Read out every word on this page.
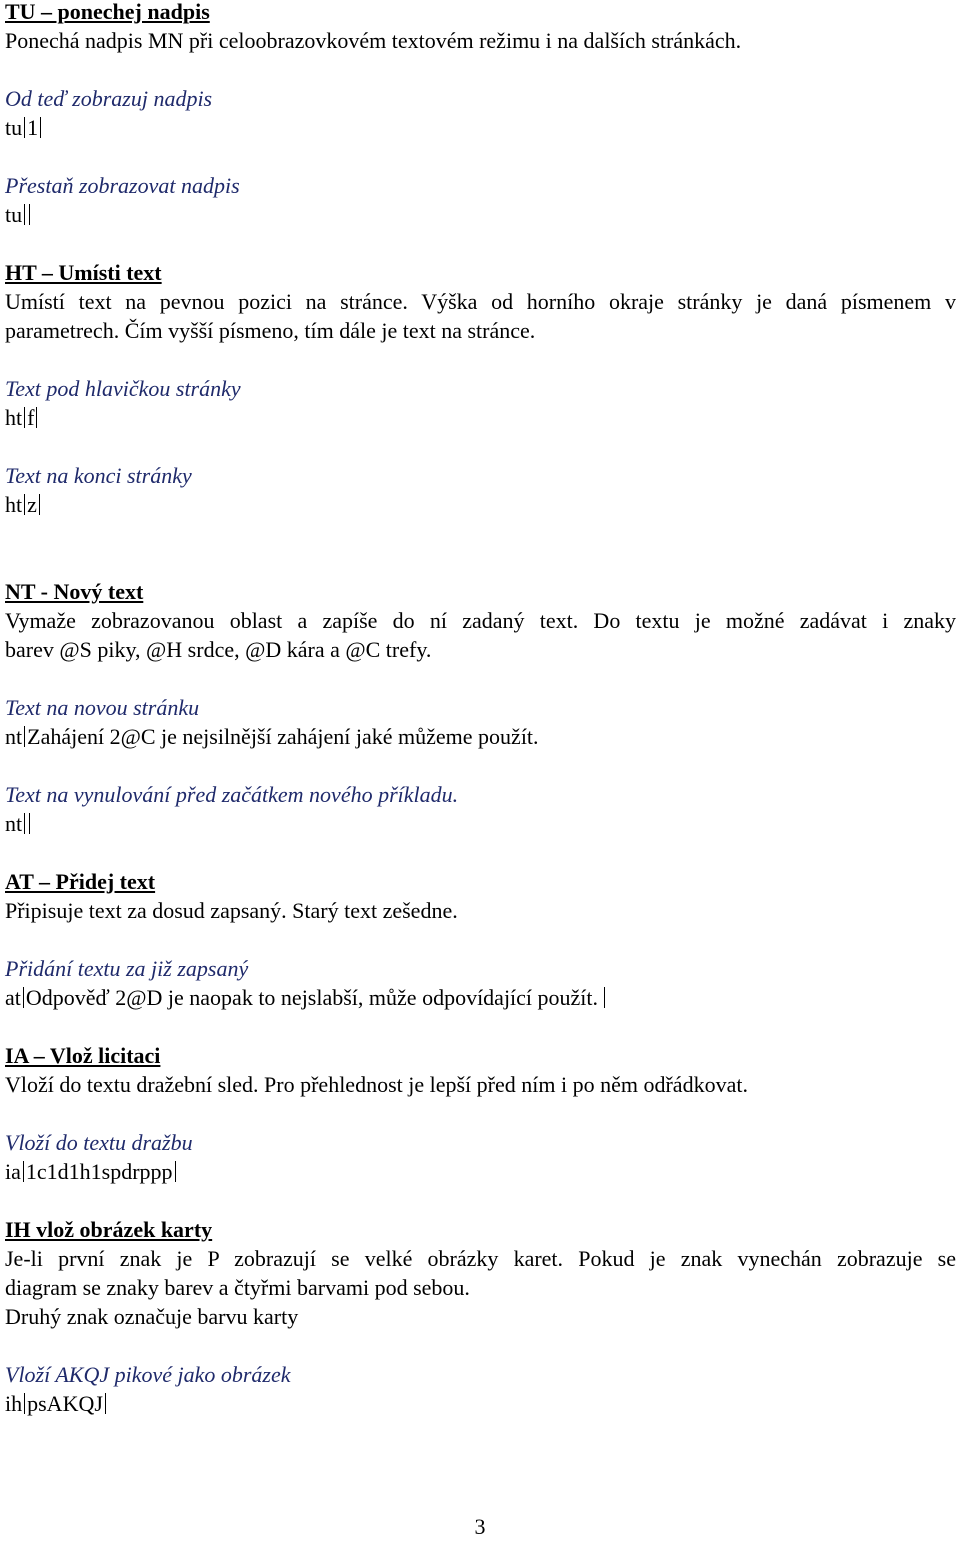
TU – ponechej nadpis
Ponechá nadpis MN při celoobrazovkovém textovém režimu i na dalších stránkách.
Od teď zobrazuj nadpis
tu 1
Přestaň zobrazovat nadpis
tu
HT – Umísti text
Umístí text na pevnou pozici na stránce. Výška od horního okraje stránky je daná písmenem v
parametrech. Čím vyšší písmeno, tím dále je text na stránce.
Text pod hlavičkou stránky
ht f
Text na konci stránky
ht z
NT - Nový text
Vymaže zobrazovanou oblast a zapíše do ní zadaný text. Do textu je možné zadávat i znaky
barev @S piky, @H srdce, @D kára a @C trefy.
Text na novou stránku
nt Zahájení 2@C je nejsilnější zahájení jaké můžeme použít.
Text na vynulování před začátkem nového příkladu.
nt
AT – Přidej text
Připisuje text za dosud zapsaný. Starý text zešedne.
Přidání textu za již zapsaný
at Odpověď 2@D je naopak to nejslabší, může odpovídající použít.
IA – Vlož licitaci
Vloží do textu dražební sled. Pro přehlednost je lepší před ním i po něm odřádkovat.
Vloží do textu dražbu
ia 1c1d1h1spdrppp
IH vlož obrázek karty
Je-li první znak je P zobrazují se velké obrázky karet. Pokud je znak vynechán zobrazuje se
diagram se znaky barev a čtyřmi barvami pod sebou.
Druhý znak označuje barvu karty
Vloží AKQJ pikové jako obrázek
ih psAKQJ
3
